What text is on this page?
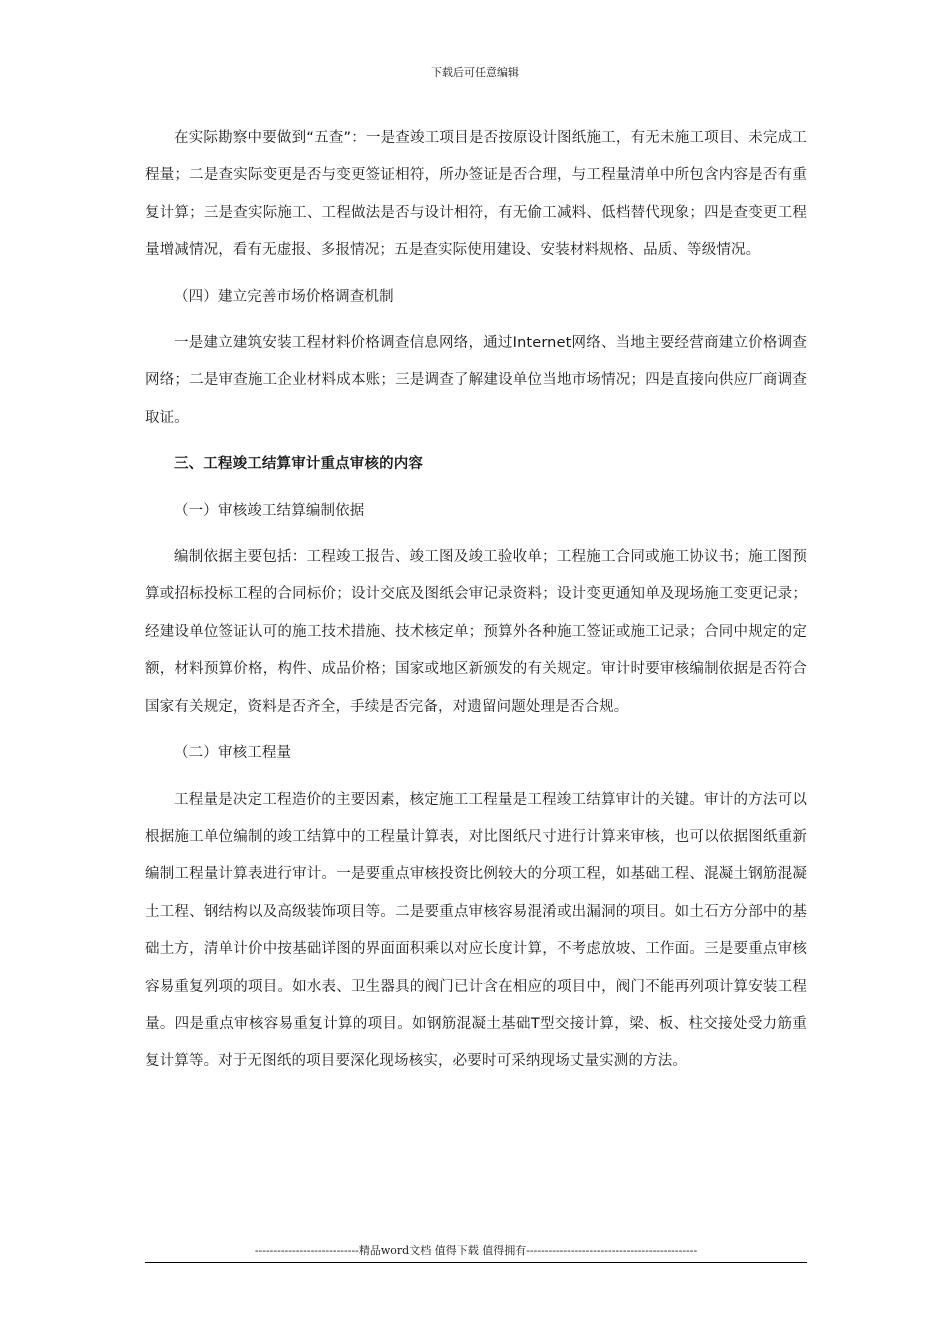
下载后可任意编辑

在实际勘察中要做到“五查”：一是查竣工项目是否按原设计图纸施工，有无未施工项目、未完成工程量；二是查实际变更是否与变更签证相符，所办签证是否合理，与工程量清单中所包含内容是否有重复计算；三是查实际施工、工程做法是否与设计相符，有无偷工减料、低档替代现象；四是查变更工程量增减情况，看有无虚报、多报情况；五是查实际使用建设、安装材料规格、品质、等级情况。

（四）建立完善市场价格调查机制

一是建立建筑安装工程材料价格调查信息网络，通过Internet网络、当地主要经营商建立价格调查网络；二是审查施工企业材料成本账；三是调查了解建设单位当地市场情况；四是直接向供应厂商调查取证。

三、工程竣工结算审计重点审核的内容

（一）审核竣工结算编制依据

编制依据主要包括：工程竣工报告、竣工图及竣工验收单；工程施工合同或施工协议书；施工图预算或招标投标工程的合同标价；设计交底及图纸会审记录资料；设计变更通知单及现场施工变更记录；经建设单位签证认可的施工技术措施、技术核定单；预算外各种施工签证或施工记录；合同中规定的定额，材料预算价格，构件、成品价格；国家或地区新颁发的有关规定。审计时要审核编制依据是否符合国家有关规定，资料是否齐全，手续是否完备，对遗留问题处理是否合规。

（二）审核工程量

工程量是决定工程造价的主要因素，核定施工工程量是工程竣工结算审计的关键。审计的方法可以根据施工单位编制的竣工结算中的工程量计算表，对比图纸尺寸进行计算来审核，也可以依据图纸重新编制工程量计算表进行审计。一是要重点审核投资比例较大的分项工程，如基础工程、混凝土钢筋混凝土工程、钢结构以及高级装饰项目等。二是要重点审核容易混淆或出漏洞的项目。如土石方分部中的基础土方，清单计价中按基础详图的界面面积乘以对应长度计算，不考虑放坡、工作面。三是要重点审核容易重复列项的项目。如水表、卫生器具的阀门已计含在相应的项目中，阀门不能再列项计算安装工程量。四是重点审核容易重复计算的项目。如钢筋混凝土基础T型交接计算，梁、板、柱交接处受力筋重复计算等。对于无图纸的项目要深化现场核实，必要时可采纳现场丈量实测的方法。

----------------------------精品word文档 值得下载 值得拥有----------------------------------------------
